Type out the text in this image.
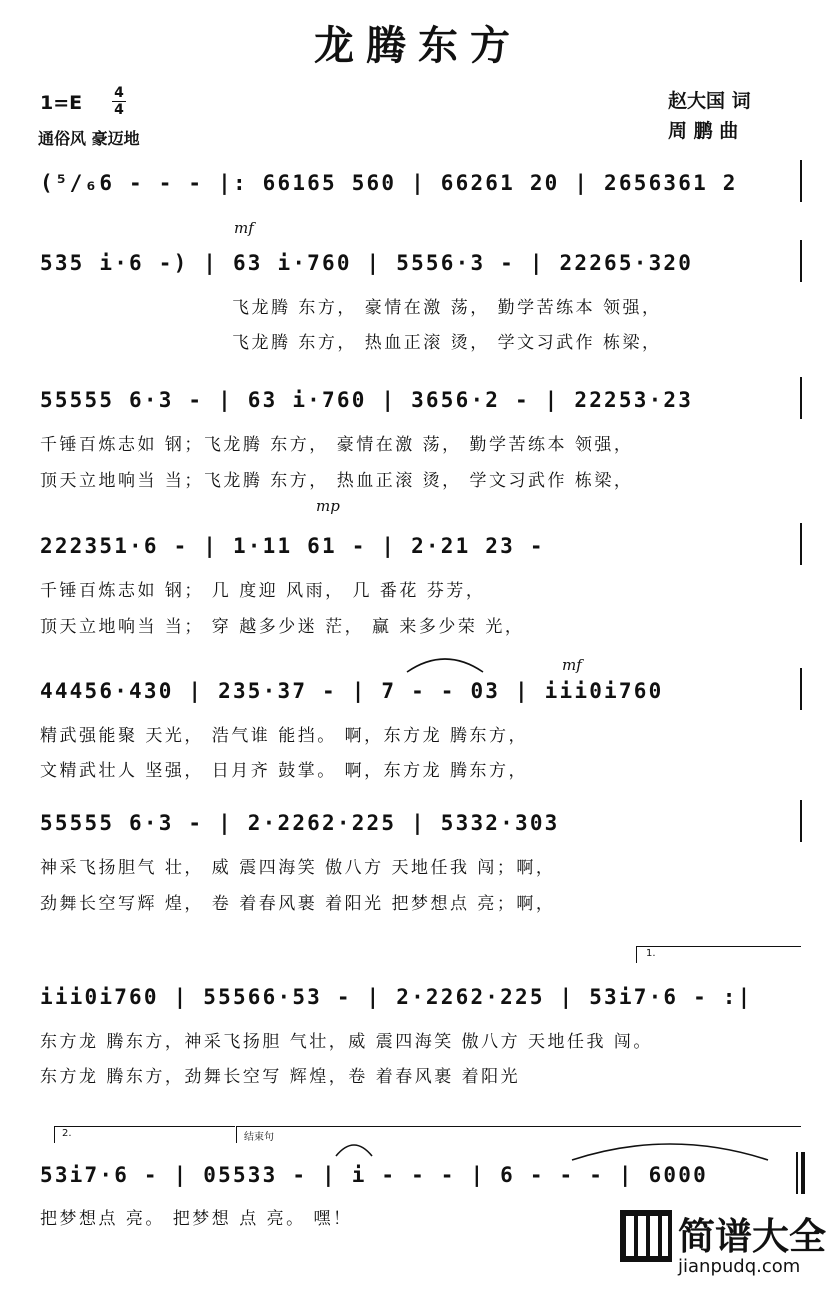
龙腾东方
1=E 4
4
通俗风 豪迈地
赵大国 词
周 鹏 曲
(⁵/₆6 - - - |: 66165 560 | 66261 20 | 2656361 2
mf
535 i·6 -) | 63 i·760 | 5556·3 - | 22265·320
飞龙腾 东方， 豪情在激 荡， 勤学苦练本 领强，
飞龙腾 东方， 热血正滚 烫， 学文习武作 栋梁，
55555 6·3 - | 63 i·760 | 3656·2 - | 22253·23
千锤百炼志如 钢；飞龙腾 东方， 豪情在激 荡， 勤学苦练本 领强，
顶天立地响当 当；飞龙腾 东方， 热血正滚 烫， 学文习武作 栋梁，
mp
222351·6 - | 1·11 61 - | 2·21 23 -
千锤百炼志如 钢； 几 度迎 风雨， 几 番花 芬芳，
顶天立地响当 当； 穿 越多少迷 茫， 赢 来多少荣 光，
mf
44456·430 | 235·37 - | 7 - - 03 | iii0i760
精武强能聚 天光， 浩气谁 能挡。 啊，东方龙 腾东方，
文精武壮人 坚强， 日月齐 鼓掌。 啊，东方龙 腾东方，
55555 6·3 - | 2·2262·225 | 5332·303
神采飞扬胆气 壮， 威 震四海笑 傲八方 天地任我 闯；啊，
劲舞长空写辉 煌， 卷 着春风裹 着阳光 把梦想点 亮；啊，
1.
iii0i760 | 55566·53 - | 2·2262·225 | 53i7·6 - :|
东方龙 腾东方，神采飞扬胆 气壮，威 震四海笑 傲八方 天地任我 闯。
东方龙 腾东方，劲舞长空写 辉煌，卷 着春风裹 着阳光
2.	结束句
53i7·6 - | 05533 - | i - - - | 6 - - - | 6000
把梦想点 亮。 把梦想 点 亮。 嘿！	简谱大全
jianpudq.com
